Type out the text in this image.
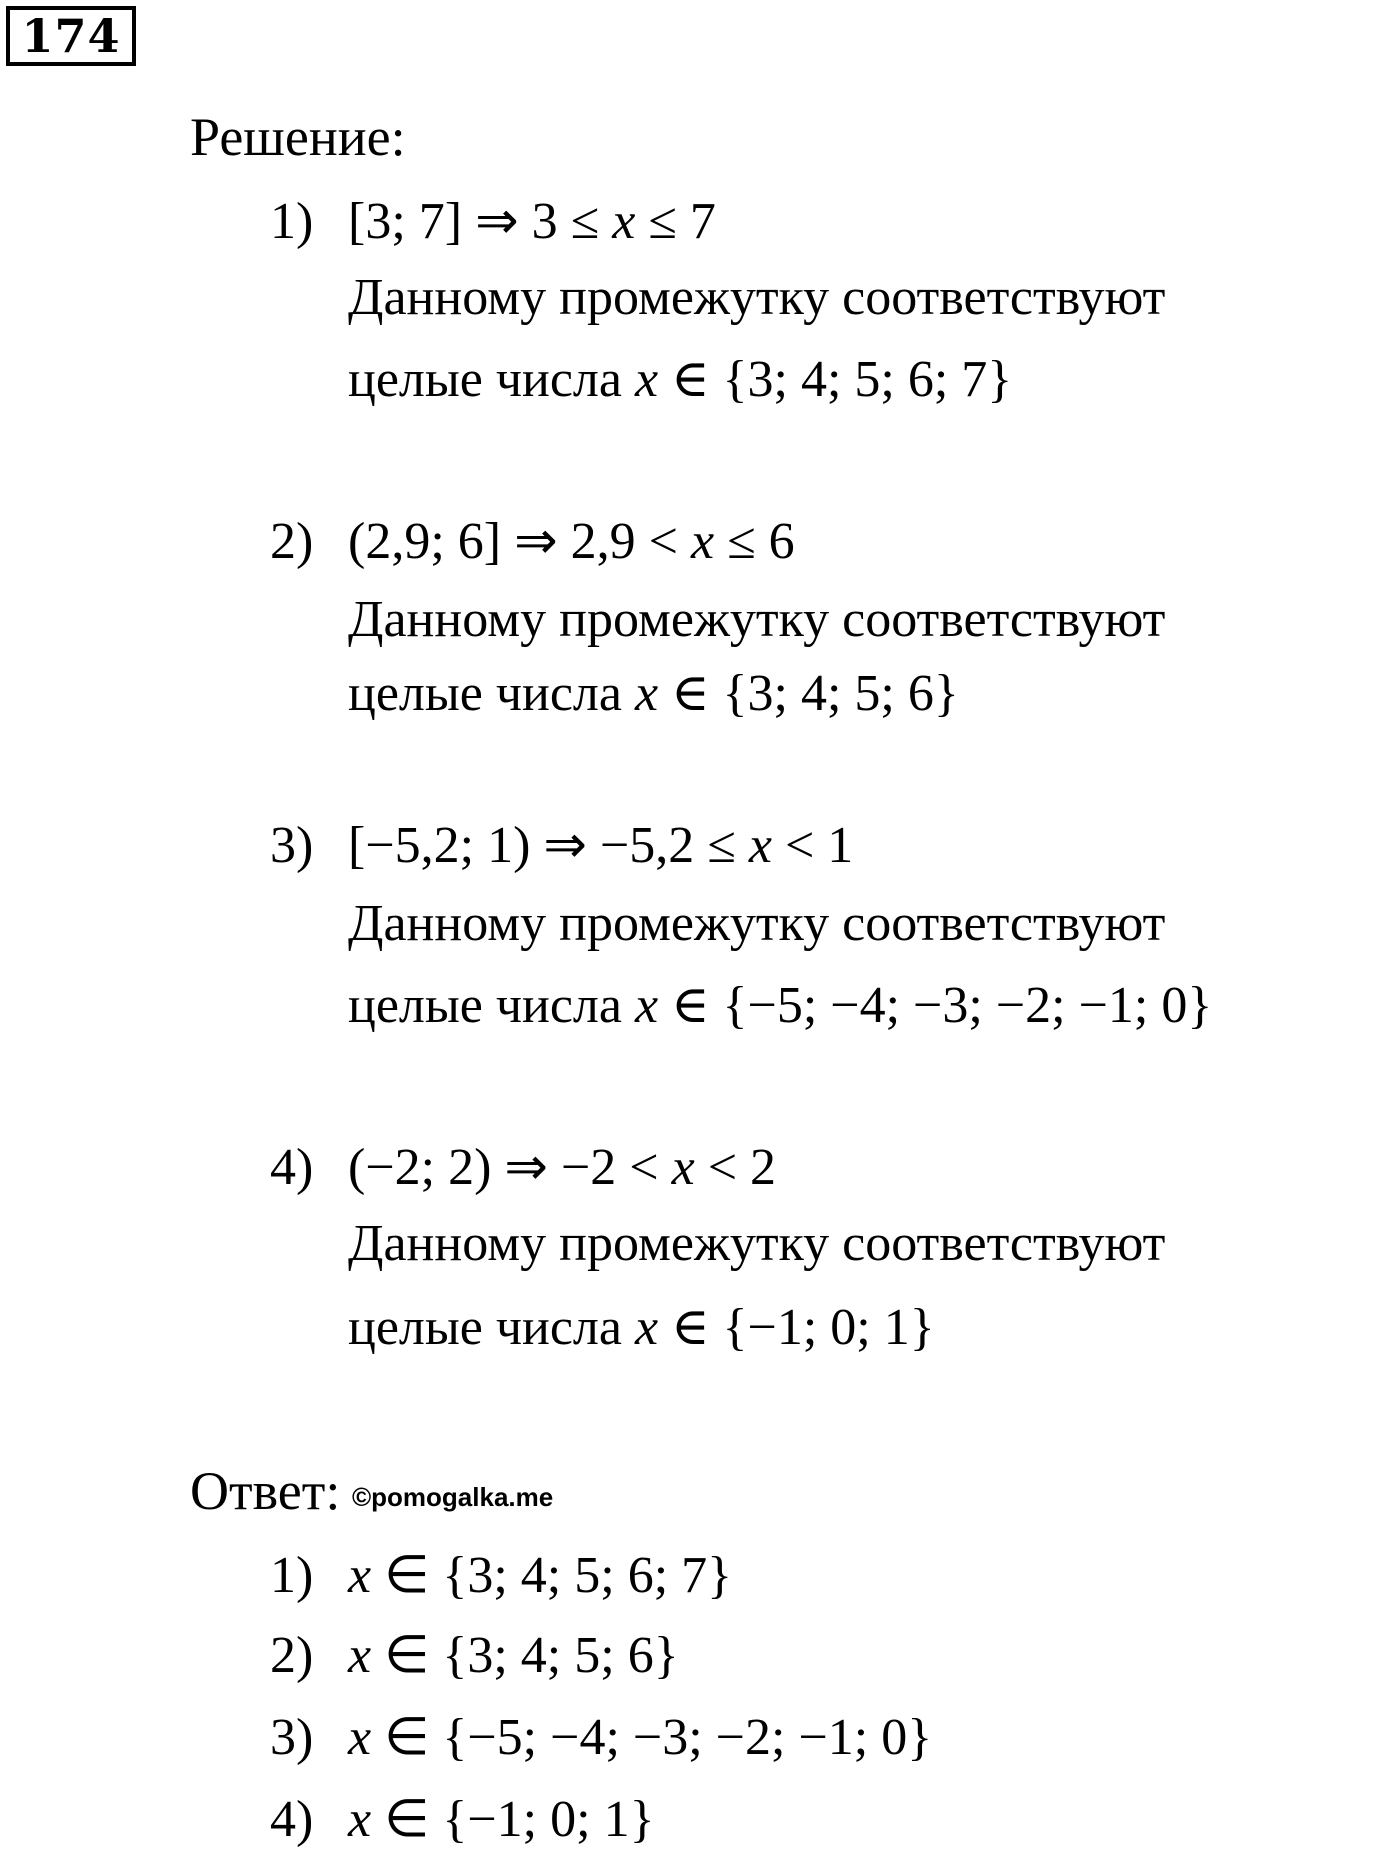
174
Решение:
1) [3; 7] ⇒ 3 ≤ x ≤ 7
Данному промежутку соответствуют
целые числа x ∈ {3; 4; 5; 6; 7}
2) (2,9; 6] ⇒ 2,9 < x ≤ 6
Данному промежутку соответствуют
целые числа x ∈ {3; 4; 5; 6}
3) [−5,2; 1) ⇒ −5,2 ≤ x < 1
Данному промежутку соответствуют
целые числа x ∈ {−5; −4; −3; −2; −1; 0}
4) (−2; 2) ⇒ −2 < x < 2
Данному промежутку соответствуют
целые числа x ∈ {−1; 0; 1}
Ответ: ©pomogalka.me
1) x ∈ {3; 4; 5; 6; 7}
2) x ∈ {3; 4; 5; 6}
3) x ∈ {−5; −4; −3; −2; −1; 0}
4) x ∈ {−1; 0; 1}
